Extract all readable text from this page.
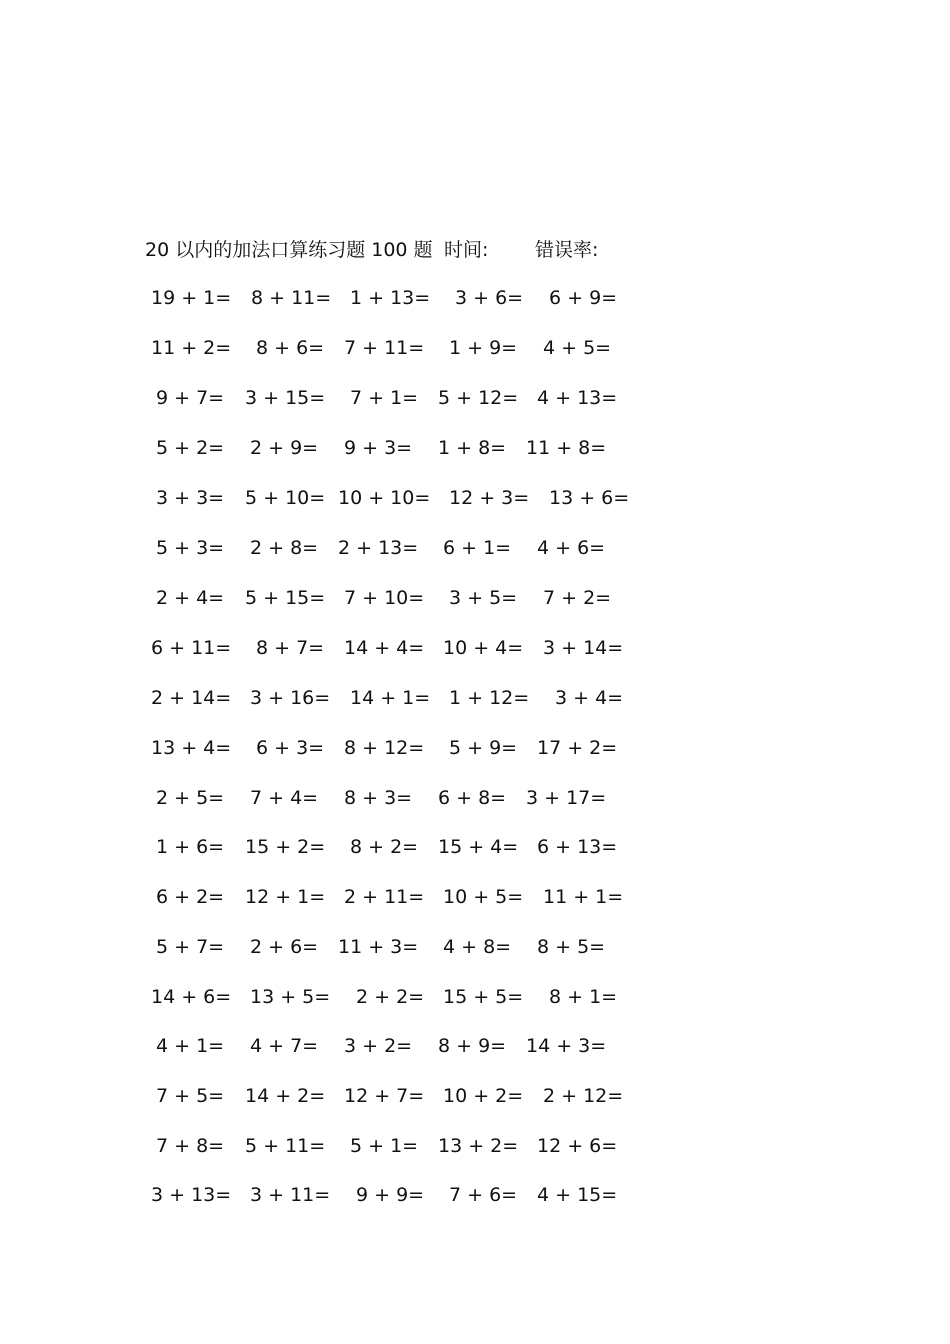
20 以内的加法口算练习题 100 题 时间: 错误率:
19 + 1= 8 + 11= 1 + 13= 3 + 6= 6 + 9=
11 + 2= 8 + 6= 7 + 11= 1 + 9= 4 + 5=
9 + 7= 3 + 15= 7 + 1= 5 + 12= 4 + 13=
5 + 2= 2 + 9= 9 + 3= 1 + 8= 11 + 8=
3 + 3= 5 + 10= 10 + 10= 12 + 3= 13 + 6=
5 + 3= 2 + 8= 2 + 13= 6 + 1= 4 + 6=
2 + 4= 5 + 15= 7 + 10= 3 + 5= 7 + 2=
6 + 11= 8 + 7= 14 + 4= 10 + 4= 3 + 14=
2 + 14= 3 + 16= 14 + 1= 1 + 12= 3 + 4=
13 + 4= 6 + 3= 8 + 12= 5 + 9= 17 + 2=
2 + 5= 7 + 4= 8 + 3= 6 + 8= 3 + 17=
1 + 6= 15 + 2= 8 + 2= 15 + 4= 6 + 13=
6 + 2= 12 + 1= 2 + 11= 10 + 5= 11 + 1=
5 + 7= 2 + 6= 11 + 3= 4 + 8= 8 + 5=
14 + 6= 13 + 5= 2 + 2= 15 + 5= 8 + 1=
4 + 1= 4 + 7= 3 + 2= 8 + 9= 14 + 3=
7 + 5= 14 + 2= 12 + 7= 10 + 2= 2 + 12=
7 + 8= 5 + 11= 5 + 1= 13 + 2= 12 + 6=
3 + 13= 3 + 11= 9 + 9= 7 + 6= 4 + 15=
